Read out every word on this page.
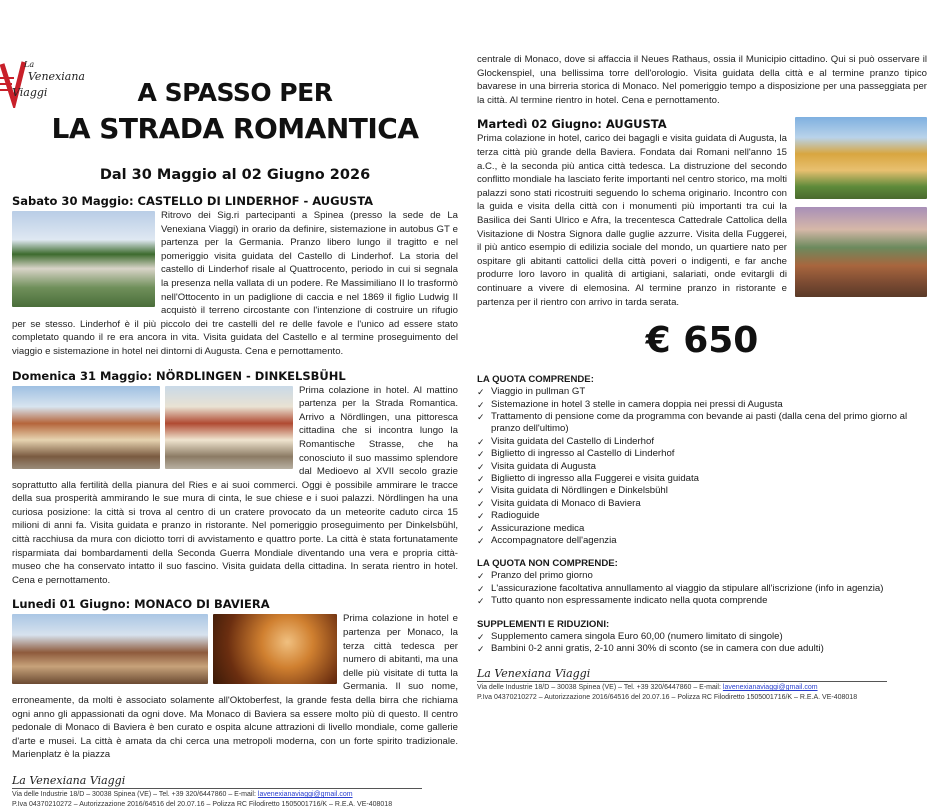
La
Venexiana
Viaggi	A SPASSO PER
LA STRADA ROMANTICA
Dal 30 Maggio al 02 Giugno 2026
Sabato 30 Maggio: CASTELLO DI LINDERHOF - AUGUSTA
Ritrovo dei Sig.ri partecipanti a Spinea (presso la sede de La Venexiana Viaggi) in orario da definire, sistemazione in autobus GT e partenza per la Germania. Pranzo libero lungo il tragitto e nel pomeriggio visita guidata del Castello di Linderhof. La storia del castello di Linderhof risale al Quattrocento, periodo in cui si segnala la presenza nella vallata di un podere. Re Massimiliano II lo trasformò nell'Ottocento in un padiglione di caccia e nel 1869 il figlio Ludwig II acquistò il terreno circostante con l'intenzione di costruire un rifugio per se stesso. Linderhof è il più piccolo dei tre castelli del re delle favole e l'unico ad essere stato completato quando il re era ancora in vita. Visita guidata del Castello e al termine proseguimento del viaggio e sistemazione in hotel nei dintorni di Augusta. Cena e pernottamento.
Domenica 31 Maggio: NÖRDLINGEN - DINKELSBÜHL
Prima colazione in hotel. Al mattino partenza per la Strada Romantica. Arrivo a Nördlingen, una pittoresca cittadina che si incontra lungo la Romantische Strasse, che ha conosciuto il suo massimo splendore dal Medioevo al XVII secolo grazie soprattutto alla fertilità della pianura del Ries e ai suoi commerci. Oggi è possibile ammirare le tracce della sua prosperità ammirando le sue mura di cinta, le sue chiese e i suoi palazzi. Nördlingen ha una curiosa posizione: la città si trova al centro di un cratere provocato da un meteorite caduto circa 15 milioni di anni fa. Visita guidata e pranzo in ristorante. Nel pomeriggio proseguimento per Dinkelsbühl, città racchiusa da mura con diciotto torri di avvistamento e quattro porte. La città è stata fortunatamente risparmiata dai bombardamenti della Seconda Guerra Mondiale diventando una vera e propria città-museo che ha conservato intatto il suo fascino. Visita guidata della cittadina. In serata rientro in hotel. Cena e pernottamento.
Lunedi 01 Giugno: MONACO DI BAVIERA
Prima colazione in hotel e partenza per Monaco, la terza città tedesca per numero di abitanti, ma una delle più visitate di tutta la Germania. Il suo nome, erroneamente, da molti è associato solamente all'Oktoberfest, la grande festa della birra che richiama ogni anno gli appassionati da ogni dove. Ma Monaco di Baviera sa essere molto più di questo. Il centro pedonale di Monaco di Baviera è ben curato e ospita alcune attrazioni di livello mondiale, come gallerie d'arte e musei. La città è amata da chi cerca una metropoli moderna, con un forte spirito tradizionale. Marienplatz è la piazza
La Venexiana Viaggi
Via delle Industrie 18/D – 30038 Spinea (VE) – Tel. +39 320/6447860 – E-mail: lavenexianaviaggi@gmail.com
P.Iva 04370210272 – Autorizzazione 2016/64516 del 20.07.16 – Polizza RC Filodiretto 1505001716/K – R.E.A. VE-408018
centrale di Monaco, dove si affaccia il Neues Rathaus, ossia il Municipio cittadino. Qui si può osservare il Glockenspiel, una bellissima torre dell'orologio. Visita guidata della città e al termine pranzo tipico bavarese in una birreria storica di Monaco. Nel pomeriggio tempo a disposizione per una passeggiata per la città. Al termine rientro in hotel. Cena e pernottamento.
Martedì 02 Giugno: AUGUSTA
Prima colazione in hotel, carico dei bagagli e visita guidata di Augusta, la terza città più grande della Baviera. Fondata dai Romani nell'anno 15 a.C., è la seconda più antica città tedesca. La distruzione del secondo conflitto mondiale ha lasciato ferite importanti nel centro storico, ma molti palazzi sono stati ricostruiti seguendo lo schema originario. Incontro con la guida e visita della città con i monumenti più importanti tra cui la Basilica dei Santi Ulrico e Afra, la trecentesca Cattedrale Cattolica della Visitazione di Nostra Signora dalle guglie azzurre. Visita della Fuggerei, il più antico esempio di edilizia sociale del mondo, un quartiere nato per ospitare gli abitanti cattolici della città poveri o indigenti, e far anche produrre loro lavoro in qualità di artigiani, salariati, onde evitargli di continuare a vivere di elemosina. Al termine pranzo in ristorante e partenza per il rientro con arrivo in tarda serata.
€ 650
LA QUOTA COMPRENDE:
✓ Viaggio in pullman GT
✓ Sistemazione in hotel 3 stelle in camera doppia nei pressi di Augusta
✓ Trattamento di pensione come da programma con bevande ai pasti (dalla cena del primo giorno al pranzo dell'ultimo)
✓ Visita guidata del Castello di Linderhof
✓ Biglietto di ingresso al Castello di Linderhof
✓ Visita guidata di Augusta
✓ Biglietto di ingresso alla Fuggerei e visita guidata
✓ Visita guidata di Nördlingen e Dinkelsbühl
✓ Visita guidata di Monaco di Baviera
✓ Radioguide
✓ Assicurazione medica
✓ Accompagnatore dell'agenzia
LA QUOTA NON COMPRENDE:
✓ Pranzo del primo giorno
✓ L'assicurazione facoltativa annullamento al viaggio da stipulare all'iscrizione (info in agenzia)
✓ Tutto quanto non espressamente indicato nella quota comprende
SUPPLEMENTI E RIDUZIONI:
✓ Supplemento camera singola Euro 60,00 (numero limitato di singole)
✓ Bambini 0-2 anni gratis, 2-10 anni 30% di sconto (se in camera con due adulti)
La Venexiana Viaggi
Via delle Industrie 18/D – 30038 Spinea (VE) – Tel. +39 320/6447860 – E-mail: lavenexianaviaggi@gmail.com
P.Iva 04370210272 – Autorizzazione 2016/64516 del 20.07.16 – Polizza RC Filodiretto 1505001716/K – R.E.A. VE-408018
